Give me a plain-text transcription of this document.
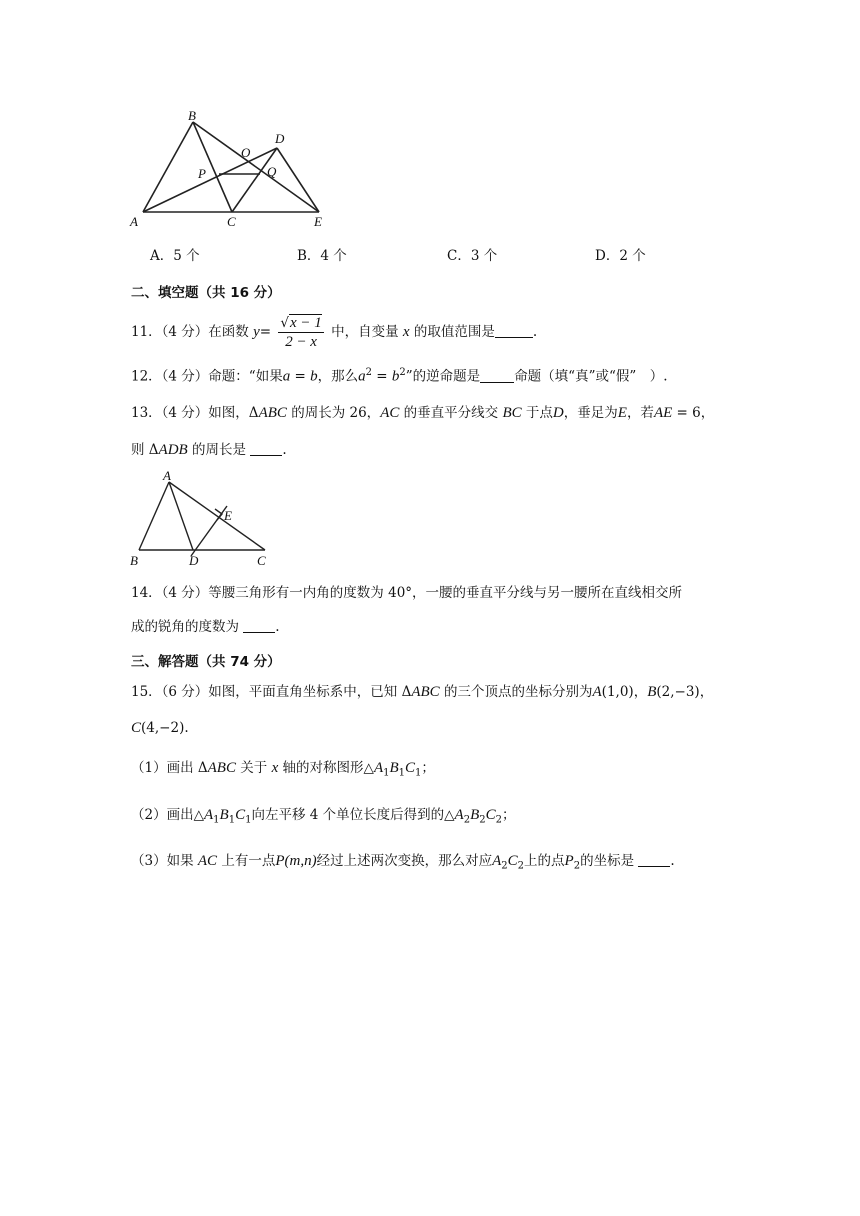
B
D
O
P	Q
A	C	E
A．5 个	B．4 个	C．3 个	D．2 个
二、填空题（共 16 分）
11．（4 分）在函数 $y= \frac{√x - 1}{2 - x}$ 中，自变量 x 的取值范围是	.
12．（4 分）命题：“如果a = b，那么$a^2 = b^2$”的逆命题是	命题（填“真”或“假”　）.
13．（4 分）如图，ΔABC 的周长为 26，AC 的垂直平分线交 BC 于点D，垂足为E，若AE = 6，
则 ΔADB 的周长是	.
A
E
B	D	C
14．（4 分）等腰三角形有一内角的度数为 40°，一腰的垂直平分线与另一腰所在直线相交所
成的锐角的度数为	.
三、解答题（共 74 分）
15．（6 分）如图，平面直角坐标系中，已知 ΔABC 的三个顶点的坐标分别为A(1,0)，B(2,−3)，
C(4,−2).
（1）画出 ΔABC 关于 x 轴的对称图形$\triangle A_1B_1C_1$；
（2）画出$\triangle A_1B_1C_1$向左平移 4 个单位长度后得到的$\triangle A_2B_2C_2$；
（3）如果 AC 上有一点P(m,n)经过上述两次变换，那么对应$A_2C_2$上的点$P_2$的坐标是	.
